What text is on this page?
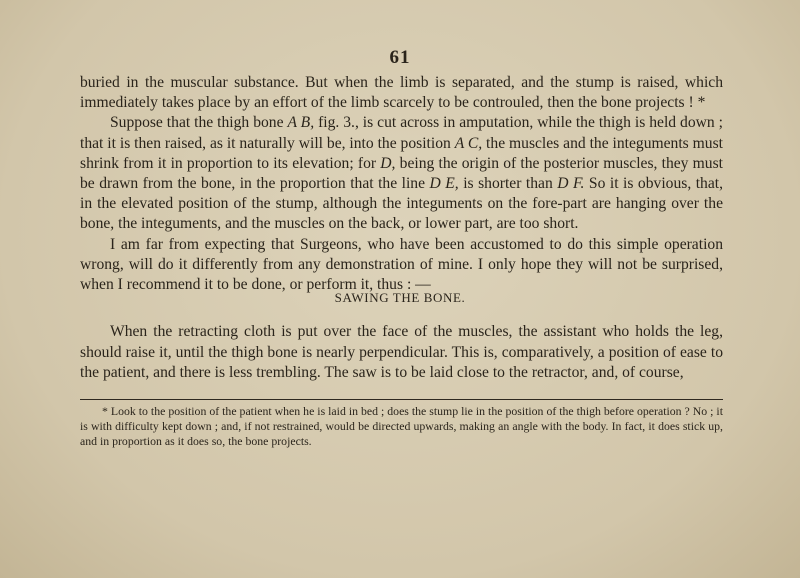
61

buried in the muscular substance. But when the limb is separated, and the stump is raised, which immediately takes place by an effort of the limb scarcely to be controuled, then the bone projects ! *

Suppose that the thigh bone A B, fig. 3., is cut across in amputation, while the thigh is held down ; that it is then raised, as it naturally will be, into the position A C, the muscles and the integuments must shrink from it in proportion to its elevation; for D, being the origin of the posterior muscles, they must be drawn from the bone, in the proportion that the line D E, is shorter than D F. So it is obvious, that, in the elevated position of the stump, although the integuments on the fore-part are hanging over the bone, the integuments, and the muscles on the back, or lower part, are too short.

I am far from expecting that Surgeons, who have been accustomed to do this simple operation wrong, will do it differently from any demonstration of mine. I only hope they will not be surprised, when I recommend it to be done, or perform it, thus : —

SAWING THE BONE.

When the retracting cloth is put over the face of the muscles, the assistant who holds the leg, should raise it, until the thigh bone is nearly perpendicular. This is, comparatively, a position of ease to the patient, and there is less trembling. The saw is to be laid close to the retractor, and, of course,

* Look to the position of the patient when he is laid in bed ; does the stump lie in the position of the thigh before operation ? No ; it is with difficulty kept down ; and, if not restrained, would be directed upwards, making an angle with the body. In fact, it does stick up, and in proportion as it does so, the bone projects.
